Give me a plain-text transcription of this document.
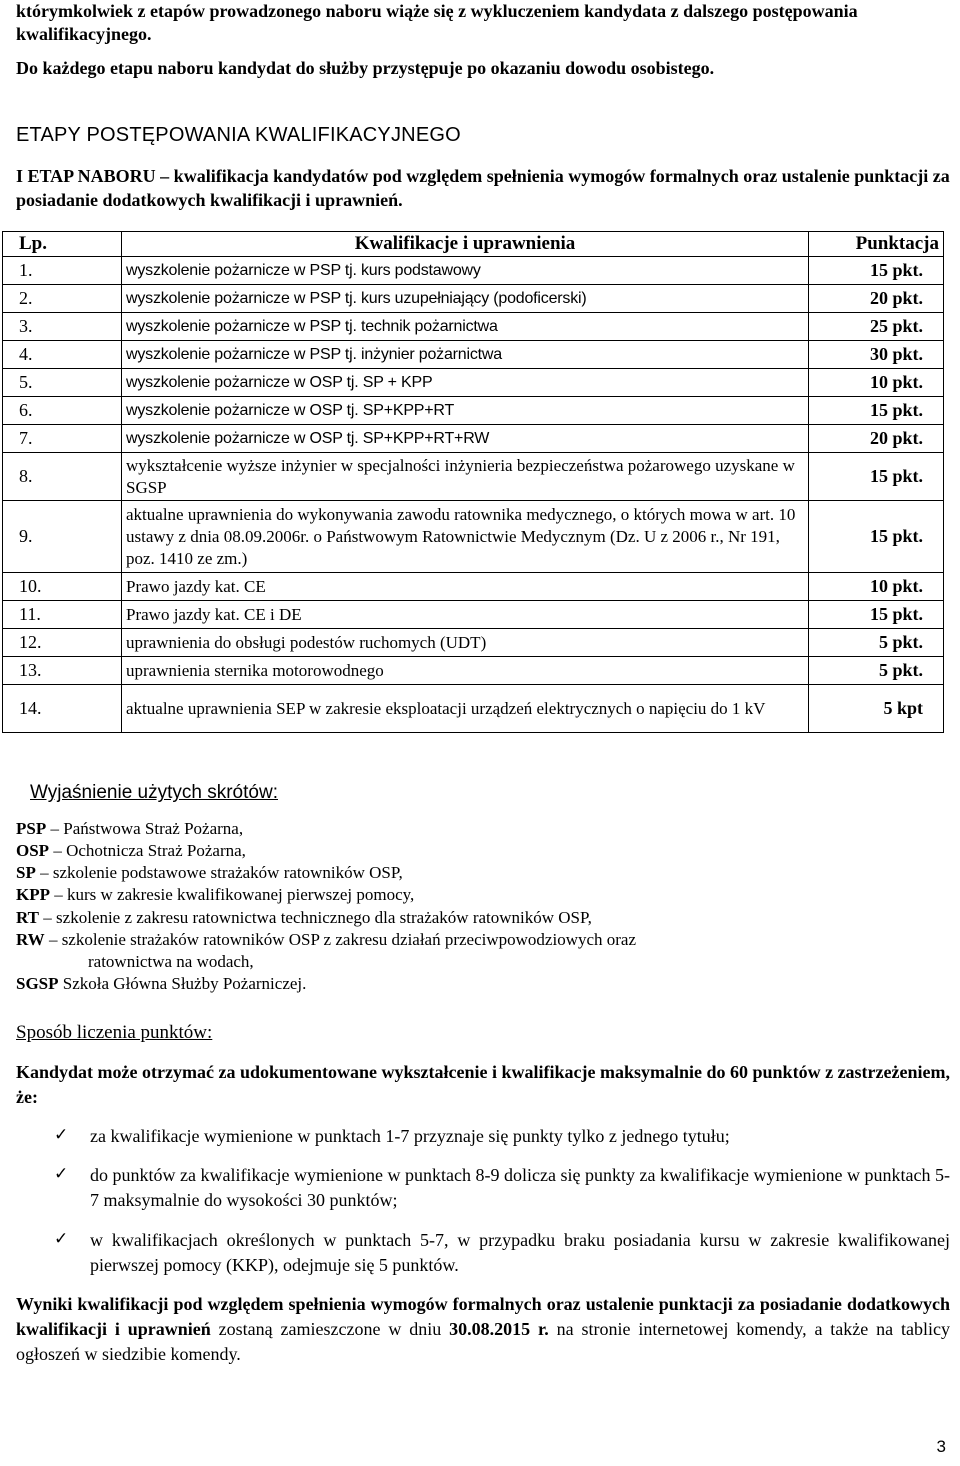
którymkolwiek z etapów prowadzonego naboru wiąże się z wykluczeniem kandydata z dalszego postępowania kwalifikacyjnego.

Do każdego etapu naboru kandydat do służby przystępuje po okazaniu dowodu osobistego.

ETAPY POSTĘPOWANIA KWALIFIKACYJNEGO

I ETAP NABORU – kwalifikacja kandydatów pod względem spełnienia wymogów formalnych oraz ustalenie punktacji za posiadanie dodatkowych kwalifikacji i uprawnień.

Lp.	Kwalifikacje i uprawnienia	Punktacja
1.	wyszkolenie pożarnicze w PSP tj. kurs podstawowy	15 pkt.
2.	wyszkolenie pożarnicze w PSP tj. kurs uzupełniający (podoficerski)	20 pkt.
3.	wyszkolenie pożarnicze w PSP tj. technik pożarnictwa	25 pkt.
4.	wyszkolenie pożarnicze w PSP tj. inżynier pożarnictwa	30 pkt.
5.	wyszkolenie pożarnicze w OSP tj. SP + KPP	10 pkt.
6.	wyszkolenie pożarnicze w OSP tj. SP+KPP+RT	15 pkt.
7.	wyszkolenie pożarnicze w OSP tj. SP+KPP+RT+RW	20 pkt.
8.	wykształcenie wyższe inżynier w specjalności inżynieria bezpieczeństwa pożarowego uzyskane w SGSP	15 pkt.
9.	aktualne uprawnienia do wykonywania zawodu ratownika medycznego, o których mowa w art. 10 ustawy z dnia 08.09.2006r. o Państwowym Ratownictwie Medycznym (Dz. U z 2006 r., Nr 191, poz. 1410 ze zm.)	15 pkt.
10.	Prawo jazdy kat. CE	10 pkt.
11.	Prawo jazdy kat. CE i DE	15 pkt.
12.	uprawnienia do obsługi podestów ruchomych (UDT)	5 pkt.
13.	uprawnienia sternika motorowodnego	5 pkt.
14.	aktualne uprawnienia SEP w zakresie eksploatacji urządzeń elektrycznych o napięciu do 1 kV	5 kpt
Wyjaśnienie użytych skrótów:
PSP – Państwowa Straż Pożarna,
OSP – Ochotnicza Straż Pożarna,
SP – szkolenie podstawowe strażaków ratowników OSP,
KPP – kurs w zakresie kwalifikowanej pierwszej pomocy,
RT – szkolenie z zakresu ratownictwa technicznego dla strażaków ratowników OSP,
RW – szkolenie strażaków ratowników OSP z zakresu działań przeciwpowodziowych oraz
ratownictwa na wodach,
SGSP Szkoła Główna Służby Pożarniczej.
Sposób liczenia punktów:

Kandydat może otrzymać za udokumentowane wykształcenie i kwalifikacje maksymalnie do 60 punktów z zastrzeżeniem, że:

✓ za kwalifikacje wymienione w punktach 1-7 przyznaje się punkty tylko z jednego tytułu;
✓ do punktów za kwalifikacje wymienione w punktach 8-9 dolicza się punkty za kwalifikacje wymienione w punktach 5-7 maksymalnie do wysokości 30 punktów;
✓ w kwalifikacjach określonych w punktach 5-7, w przypadku braku posiadania kursu w zakresie kwalifikowanej pierwszej pomocy (KKP), odejmuje się 5 punktów.

Wyniki kwalifikacji pod względem spełnienia wymogów formalnych oraz ustalenie punktacji za posiadanie dodatkowych kwalifikacji i uprawnień zostaną zamieszczone w dniu 30.08.2015 r. na stronie internetowej komendy, a także na tablicy ogłoszeń w siedzibie komendy.

3
